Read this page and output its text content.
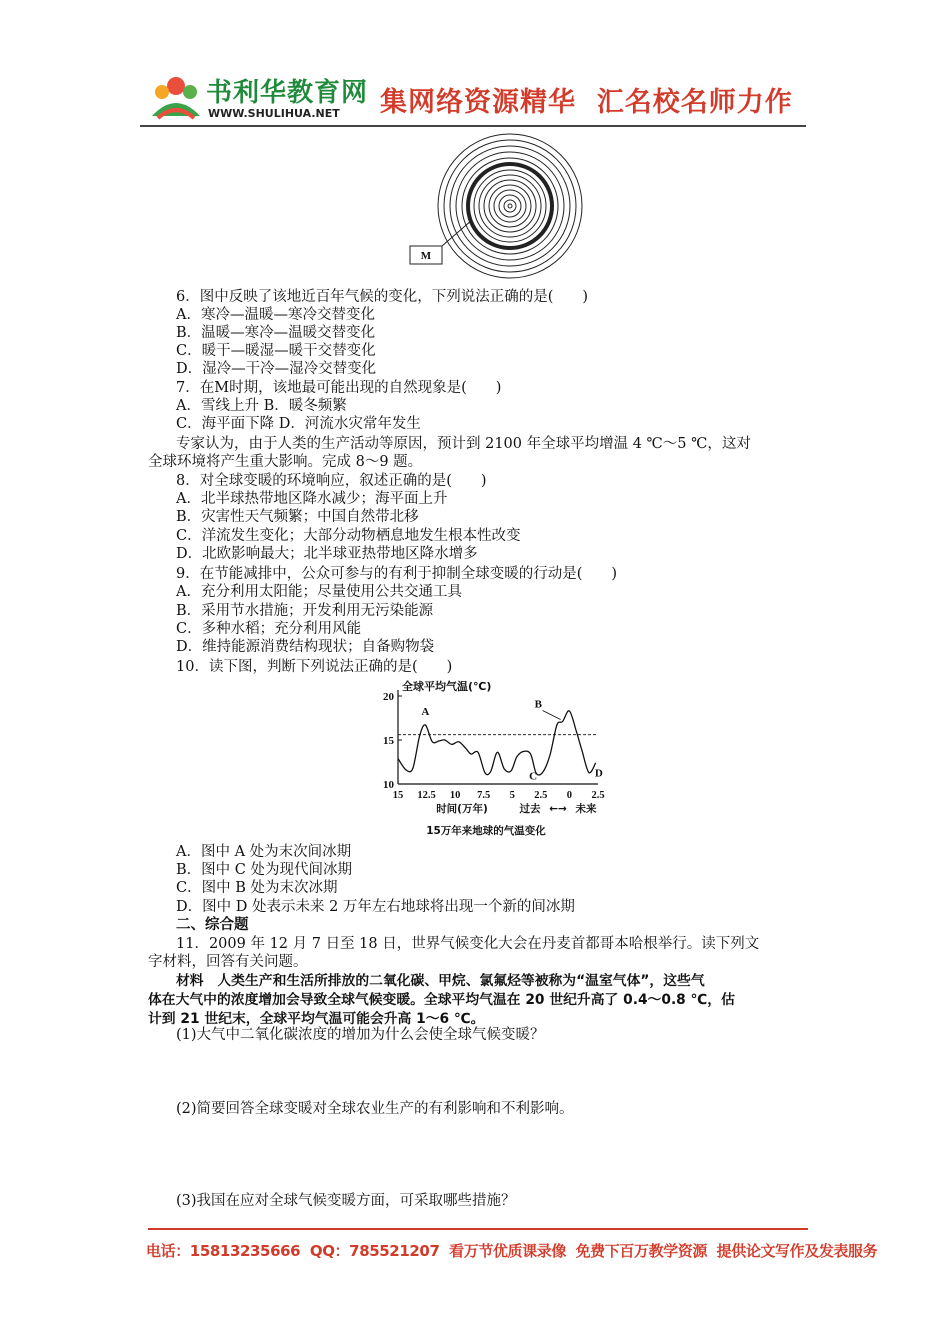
书利华教育网
WWW.SHULIHUA.NET 集网络资源精华  汇名校名师力作
M
6．图中反映了该地近百年气候的变化，下列说法正确的是(　　)
A．寒冷—温暖—寒冷交替变化
B．温暖—寒冷—温暖交替变化
C．暖干—暖湿—暖干交替变化
D．湿冷—干冷—湿冷交替变化
7．在M时期，该地最可能出现的自然现象是(　　)
A．雪线上升 B．暖冬频繁
C．海平面下降 D．河流水灾常年发生
专家认为，由于人类的生产活动等原因，预计到 2100 年全球平均增温 4 ℃～5 ℃，这对
全球环境将产生重大影响。完成 8～9 题。
8．对全球变暖的环境响应，叙述正确的是(　　)
A．北半球热带地区降水减少；海平面上升
B．灾害性天气频繁；中国自然带北移
C．洋流发生变化；大部分动物栖息地发生根本性改变
D．北欧影响最大；北半球亚热带地区降水增多
9．在节能减排中，公众可参与的有利于抑制全球变暖的行动是(　　)
A．充分利用太阳能；尽量使用公共交通工具
B．采用节水措施；开发利用无污染能源
C．多种水稻；充分利用风能
D．维持能源消费结构现状；自备购物袋
10．读下图，判断下列说法正确的是(　　)
全球平均气温(℃)
10
15
20
15 12.5 10 7.5 5 2.5 0 2.5
A
B
C	D
时间(万年)	过去 ←→ 未来
15万年来地球的气温变化
A．图中 A 处为末次间冰期
B．图中 C 处为现代间冰期
C．图中 B 处为末次冰期
D．图中 D 处表示未来 2 万年左右地球将出现一个新的间冰期
二、综合题
11．2009 年 12 月 7 日至 18 日，世界气候变化大会在丹麦首都哥本哈根举行。读下列文
字材料，回答有关问题。
材料　人类生产和生活所排放的二氧化碳、甲烷、氯氟烃等被称为“温室气体”，这些气
体在大气中的浓度增加会导致全球气候变暖。全球平均气温在 20 世纪升高了 0.4～0.8 ℃，估
计到 21 世纪末，全球平均气温可能会升高 1～6 ℃。
(1)大气中二氧化碳浓度的增加为什么会使全球气候变暖？
(2)简要回答全球变暖对全球农业生产的有利影响和不利影响。
(3)我国在应对全球气候变暖方面，可采取哪些措施？
电话：15813235666  QQ：785521207  看万节优质课录像  免费下百万教学资源  提供论文写作及发表服务
